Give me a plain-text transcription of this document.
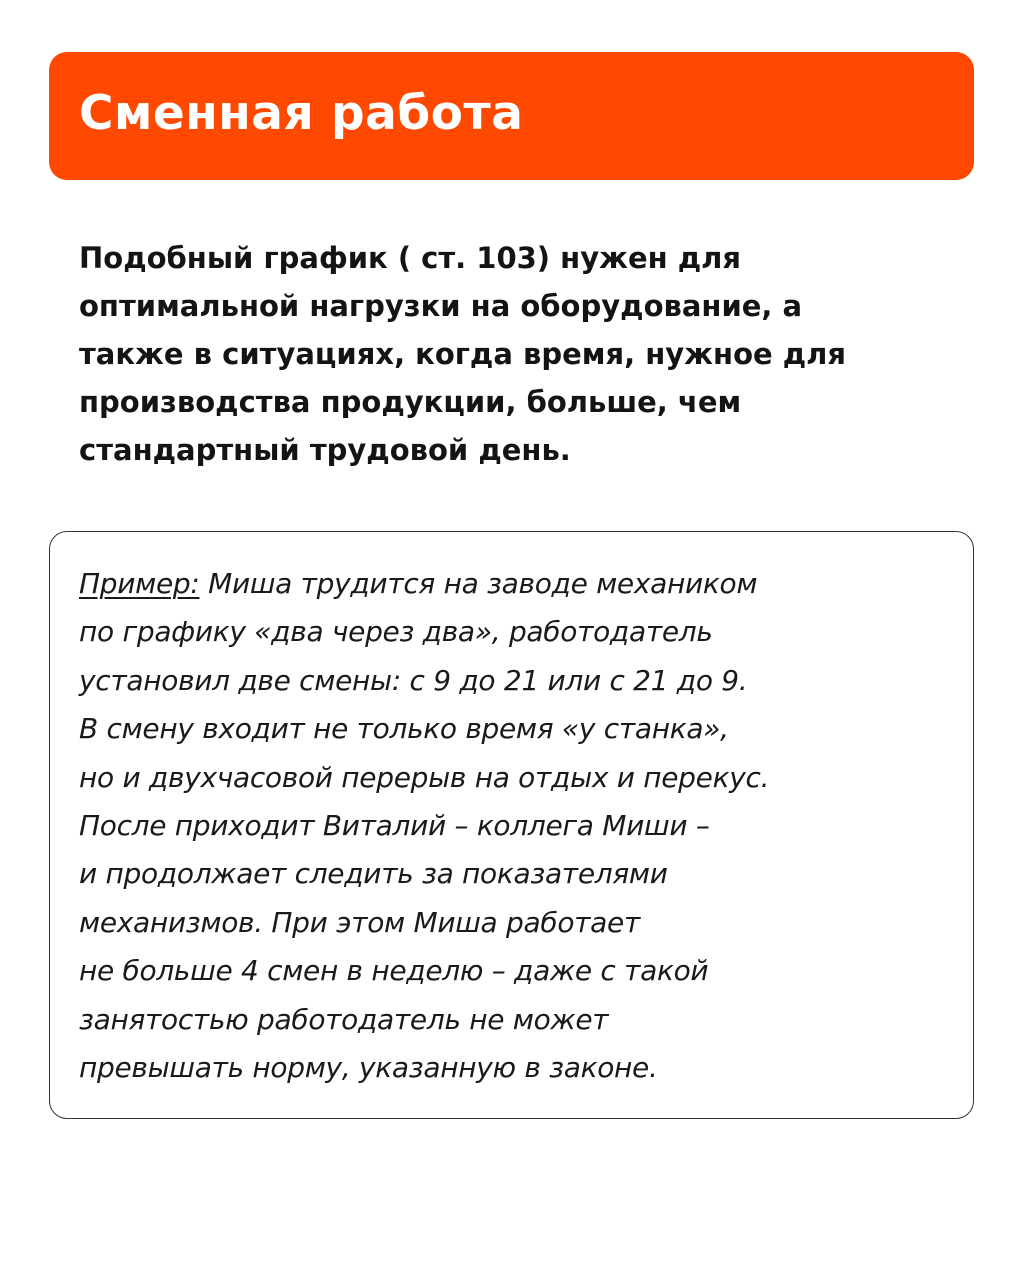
Сменная работа

Подобный график ( ст. 103) нужен для
оптимальной нагрузки на оборудование, а
также в ситуациях, когда время, нужное для
производства продукции, больше, чем
стандартный трудовой день.

Пример: Миша трудится на заводе механиком
по графику «два через два», работодатель
установил две смены: с 9 до 21 или с 21 до 9.
В смену входит не только время «у станка»,
но и двухчасовой перерыв на отдых и перекус.
После приходит Виталий – коллега Миши –
и продолжает следить за показателями
механизмов. При этом Миша работает
не больше 4 смен в неделю – даже с такой
занятостью работодатель не может
превышать норму, указанную в законе.
